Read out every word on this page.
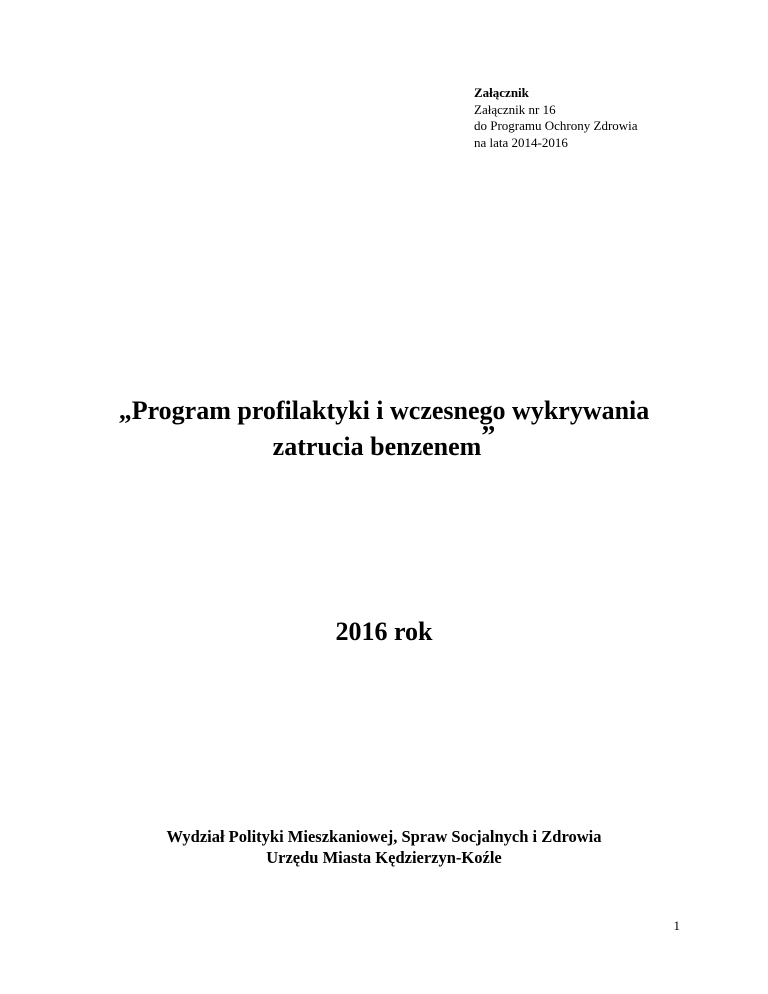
Załącznik
Załącznik nr 16
do Programu Ochrony Zdrowia
na lata 2014-2016
„Program profilaktyki i wczesnego wykrywania
zatrucia benzenem”
2016 rok
Wydział Polityki Mieszkaniowej, Spraw Socjalnych i Zdrowia
Urzędu Miasta Kędzierzyn-Koźle
1
